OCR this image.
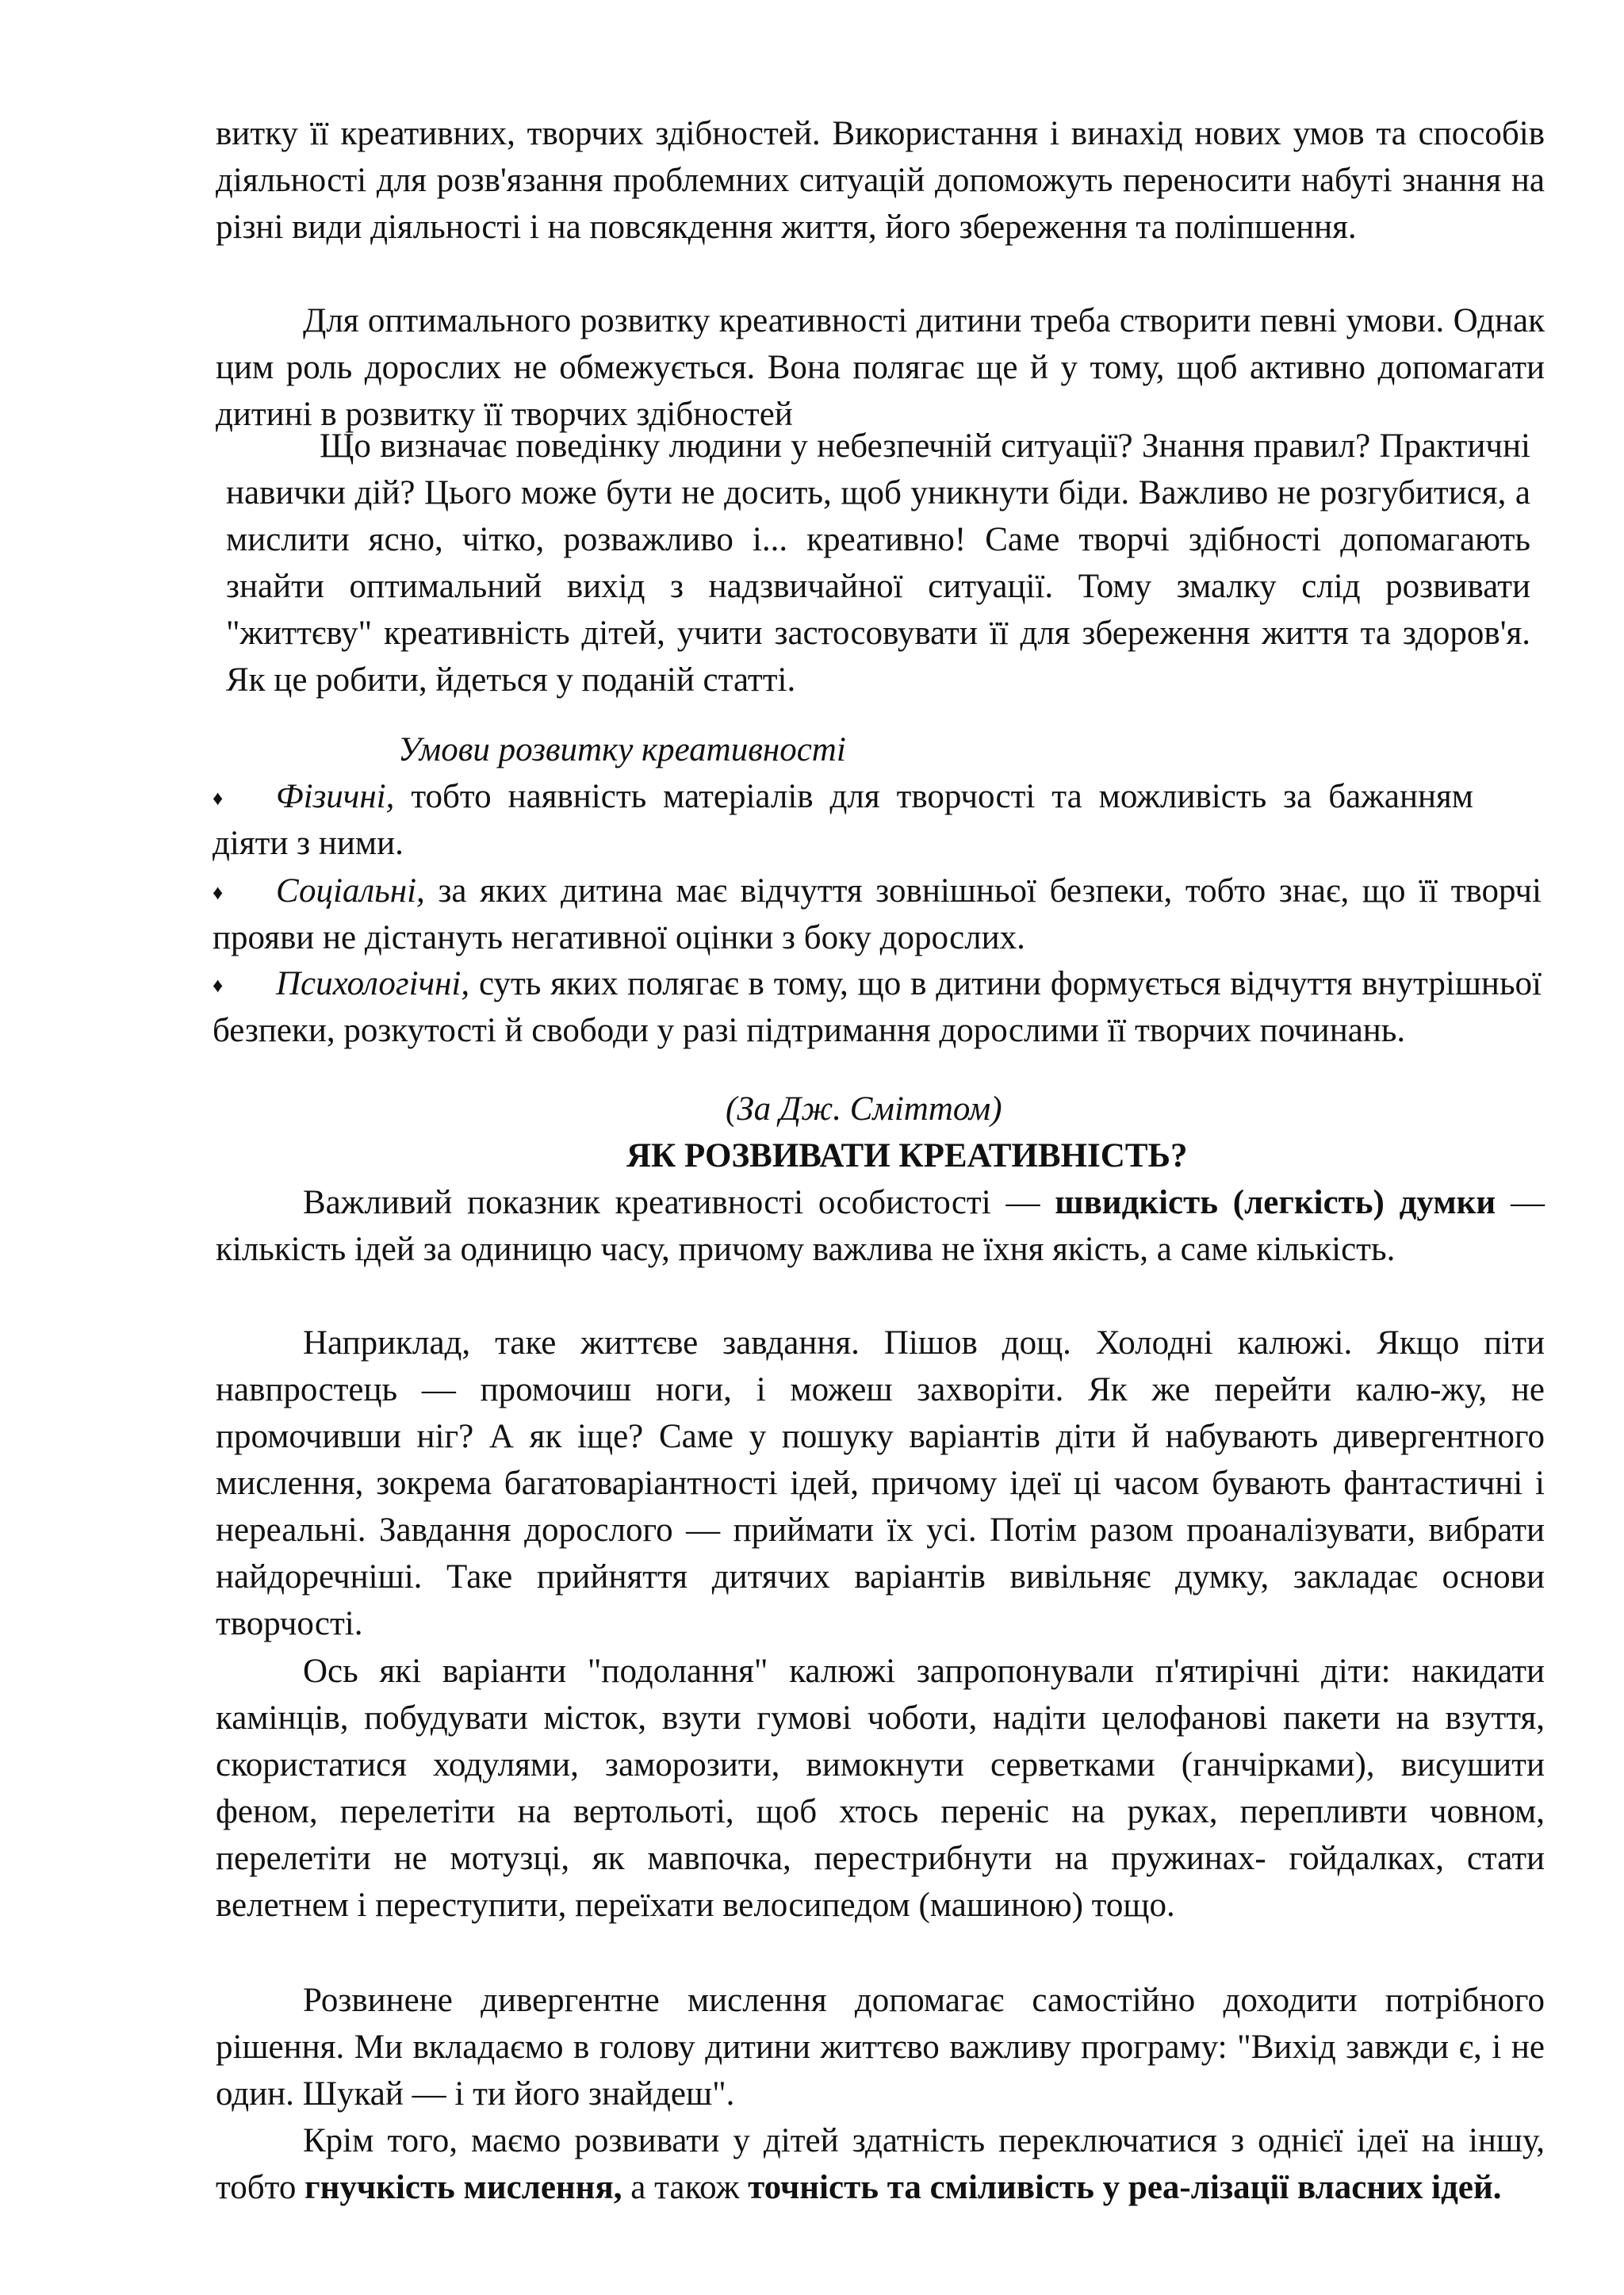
витку її креативних, творчих здібностей. Використання і винахід нових умов та способів діяльності для розв'язання проблемних ситуацій допоможуть переносити набуті знання на різні види діяльності і на повсякдення життя, його збереження та поліпшення.

Для оптимального розвитку креативності дитини треба створити певні умови. Однак цим роль дорослих не обмежується. Вона полягає ще й у тому, щоб активно допомагати дитині в розвитку її творчих здібностей

Що визначає поведінку людини у небезпечній ситуації? Знання правил? Практичні навички дій? Цього може бути не досить, щоб уникнути біди. Важливо не розгубитися, а мислити ясно, чітко, розважливо і... креативно! Саме творчі здібності допомагають знайти оптимальний вихід з надзвичайної ситуації. Тому змалку слід розвивати "життєву" креативність дітей, учити застосовувати її для збереження життя та здоров'я. Як це робити, йдеться у поданій статті.

Умови розвитку креативності

♦	Фізичні, тобто наявність матеріалів для творчості та можливість за бажанням діяти з ними.

♦	Соціальні, за яких дитина має відчуття зовнішньої безпеки, тобто знає, що її творчі прояви не дістануть негативної оцінки з боку дорослих.

♦	Психологічні, суть яких полягає в тому, що в дитини формується відчуття внутрішньої безпеки, розкутості й свободи у разі підтримання дорослими її творчих починань.

(За Дж. Сміттом)

ЯК РОЗВИВАТИ КРЕАТИВНІСТЬ?

Важливий показник креативності особистості — швидкість (легкість) думки — кількість ідей за одиницю часу, причому важлива не їхня якість, а саме кількість.

Наприклад, таке життєве завдання. Пішов дощ. Холодні калюжі. Якщо піти навпростець — промочиш ноги, і можеш захворіти. Як же перейти калю-жу, не промочивши ніг? А як іще? Саме у пошуку варіантів діти й набувають дивергентного мислення, зокрема багатоваріантності ідей, причому ідеї ці часом бувають фантастичні і нереальні. Завдання дорослого — приймати їх усі. Потім разом проаналізувати, вибрати найдоречніші. Таке прийняття дитячих варіантів вивільняє думку, закладає основи творчості.

Ось які варіанти "подолання" калюжі запропонували п'ятирічні діти: накидати камінців, побудувати місток, взути гумові чоботи, надіти целофанові пакети на взуття, скористатися ходулями, заморозити, вимокнути серветками (ганчірками), висушити феном, перелетіти на вертольоті, щоб хтось переніс на руках, перепливти човном, перелетіти не мотузці, як мавпочка, перестрибнути на пружинах- гойдалках, стати велетнем і переступити, переїхати велосипедом (машиною) тощо.

Розвинене дивергентне мислення допомагає самостійно доходити потрібного рішення. Ми вкладаємо в голову дитини життєво важливу програму: "Вихід завжди є, і не один. Шукай — і ти його знайдеш".

Крім того, маємо розвивати у дітей здатність переключатися з однієї ідеї на іншу, тобто гнучкість мислення, а також точність та сміливість у реа-лізації власних ідей.
